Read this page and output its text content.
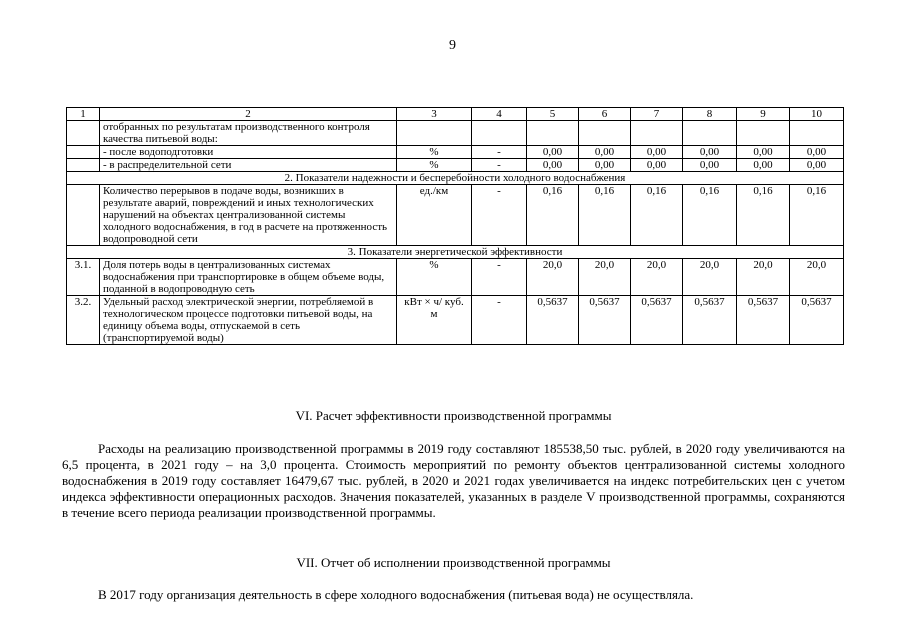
9
1	2	3	4	5	6	7	8	9	10
	отобранных по результатам производственного контроля качества питьевой воды:								
	- после водоподготовки	%	-	0,00	0,00	0,00	0,00	0,00	0,00
	- в распределительной сети	%	-	0,00	0,00	0,00	0,00	0,00	0,00
2. Показатели надежности и бесперебойности холодного водоснабжения									
	Количество перерывов в подаче воды, возникших в результате аварий, повреждений и иных технологических нарушений на объектах централизованной системы холодного водоснабжения, в год в расчете на протяженность водопроводной сети	ед./км	-	0,16	0,16	0,16	0,16	0,16	0,16
3. Показатели энергетической эффективности									
3.1.	Доля потерь воды в централизованных системах водоснабжения при транспортировке в общем объеме воды, поданной в водопроводную сеть	%	-	20,0	20,0	20,0	20,0	20,0	20,0
3.2.	Удельный расход электрической энергии, потребляемой в технологическом процессе подготовки питьевой воды, на единицу объема воды, отпускаемой в сеть (транспортируемой воды)	кВт × ч/ куб. м	-	0,5637	0,5637	0,5637	0,5637	0,5637	0,5637
VI. Расчет эффективности производственной программы
Расходы на реализацию производственной программы в 2019 году составляют 185538,50 тыс. рублей, в 2020 году увеличиваются на 6,5 процента, в 2021 году – на 3,0 процента. Стоимость мероприятий по ремонту объектов централизованной системы холодного водоснабжения в 2019 году составляет 16479,67 тыс. рублей, в 2020 и 2021 годах увеличивается на индекс потребительских цен с учетом индекса эффективности операционных расходов. Значения показателей, указанных в разделе V производственной программы, сохраняются в течение всего периода реализации производственной программы.
VII. Отчет об исполнении производственной программы
В 2017 году организация деятельность в сфере холодного водоснабжения (питьевая вода) не осуществляла.
